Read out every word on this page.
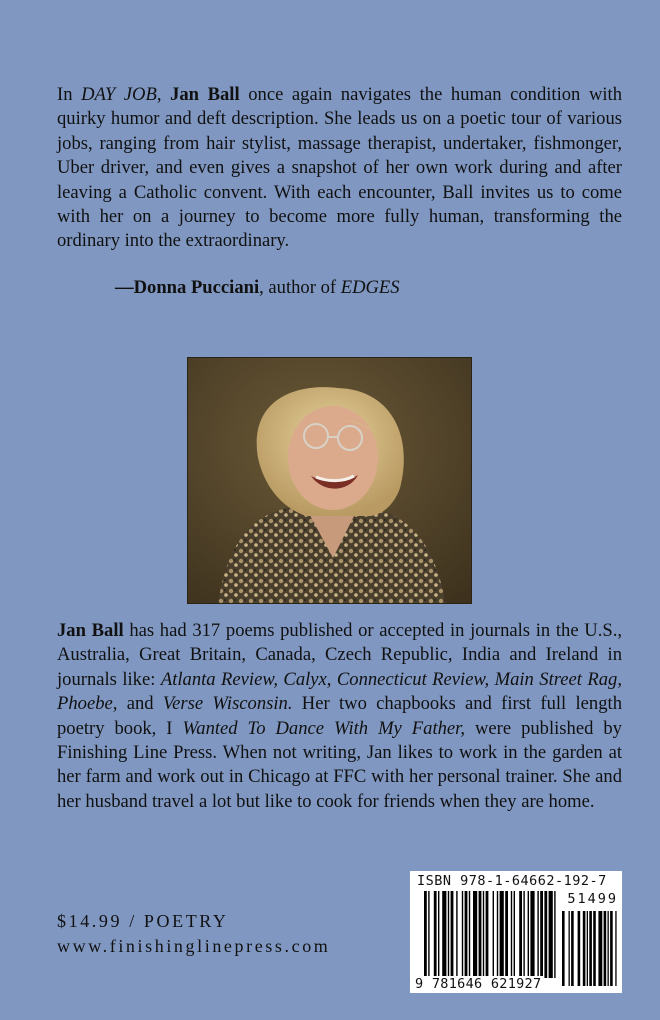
In DAY JOB, Jan Ball once again navigates the human condition with quirky humor and deft description. She leads us on a poetic tour of various jobs, ranging from hair stylist, massage therapist, undertaker, fishmonger, Uber driver, and even gives a snapshot of her own work during and after leaving a Catholic convent. With each encounter, Ball invites us to come with her on a journey to become more fully human, transforming the ordinary into the extraordinary.

—Donna Pucciani, author of EDGES

Jan Ball has had 317 poems published or accepted in journals in the U.S., Australia, Great Britain, Canada, Czech Republic, India and Ireland in journals like: Atlanta Review, Calyx, Connecticut Review, Main Street Rag, Phoebe, and Verse Wisconsin. Her two chapbooks and first full length poetry book, I Wanted To Dance With My Father, were published by Finishing Line Press. When not writing, Jan likes to work in the garden at her farm and work out in Chicago at FFC with her personal trainer. She and her husband travel a lot but like to cook for friends when they are home.

$14.99 / POETRY

www.finishinglinepress.com

ISBN 978-1-64662-192-7
51499
9 781646 621927
